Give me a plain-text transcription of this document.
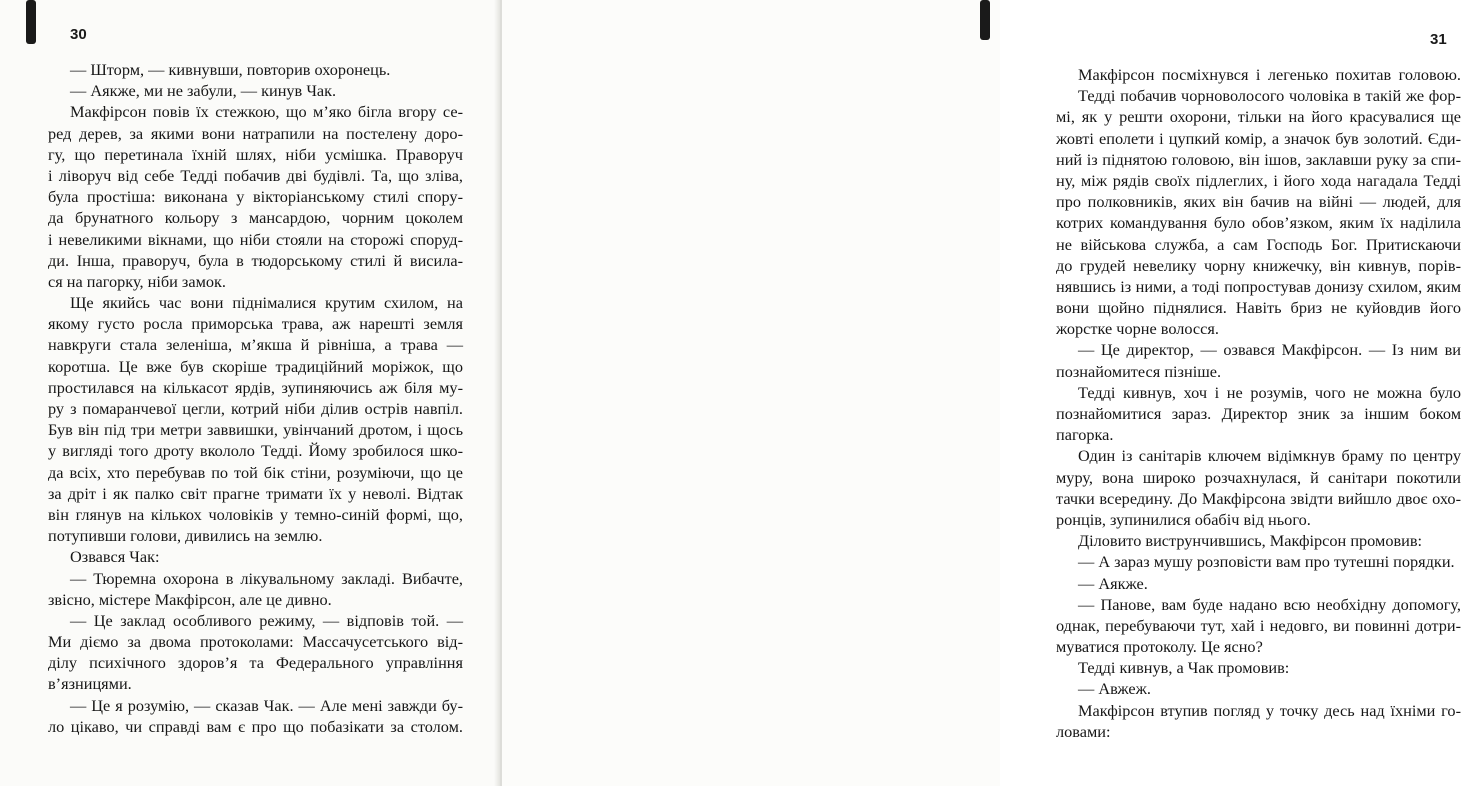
30
— Шторм, — кивнувши, повторив охоронець.
— Аякже, ми не забули, — кинув Чак.
Макфірсон повів їх стежкою, що м’яко бігла вгору се-
ред дерев, за якими вони натрапили на постелену доро-
гу, що перетинала їхній шлях, ніби усмішка. Праворуч
і ліворуч від себе Тедді побачив дві будівлі. Та, що зліва,
була простіша: виконана у вікторіанському стилі спору-
да брунатного кольору з мансардою, чорним цоколем
і невеликими вікнами, що ніби стояли на сторожі споруд-
ди. Інша, праворуч, була в тюдорському стилі й висила-
ся на пагорку, ніби замок.
Ще якийсь час вони піднімалися крутим схилом, на
якому густо росла приморська трава, аж нарешті земля
навкруги стала зеленіша, м’якша й рівніша, а трава —
коротша. Це вже був скоріше традиційний моріжок, що
простилався на кількасот ярдів, зупиняючись аж біля му-
ру з помаранчевої цегли, котрий ніби ділив острів навпіл.
Був він під три метри заввишки, увінчаний дротом, і щось
у вигляді того дроту вкололо Тедді. Йому зробилося шко-
да всіх, хто перебував по той бік стіни, розуміючи, що це
за дріт і як палко світ прагне тримати їх у неволі. Відтак
він глянув на кількох чоловіків у темно-синій формі, що,
потупивши голови, дивились на землю.
Озвався Чак:
— Тюремна охорона в лікувальному закладі. Вибачте,
звісно, містере Макфірсон, але це дивно.
— Це заклад особливого режиму, — відповів той. —
Ми діємо за двома протоколами: Массачусетського від-
ділу психічного здоров’я та Федерального управління
в’язницями.
— Це я розумію, — сказав Чак. — Але мені завжди бу-
ло цікаво, чи справді вам є про що побазікати за столом.
31
Макфірсон посміхнувся і легенько похитав головою.
Тедді побачив чорноволосого чоловіка в такій же фор-
мі, як у решти охорони, тільки на його красувалися ще
жовті еполети і цупкий комір, а значок був золотий. Єди-
ний із піднятою головою, він ішов, заклавши руку за спи-
ну, між рядів своїх підлеглих, і його хода нагадала Тедді
про полковників, яких він бачив на війні — людей, для
котрих командування було обов’язком, яким їх наділила
не військова служба, а сам Господь Бог. Притискаючи
до грудей невелику чорну книжечку, він кивнув, порів-
нявшись із ними, а тоді попростував донизу схилом, яким
вони щойно піднялися. Навіть бриз не куйовдив його
жорстке чорне волосся.
— Це директор, — озвався Макфірсон. — Із ним ви
познайомитеся пізніше.
Тедді кивнув, хоч і не розумів, чого не можна було
познайомитися зараз. Директор зник за іншим боком
пагорка.
Один із санітарів ключем відімкнув браму по центру
муру, вона широко розчахнулася, й санітари покотили
тачки всередину. До Макфірсона звідти вийшло двоє охо-
ронців, зупинилися обабіч від нього.
Діловито виструнчившись, Макфірсон промовив:
— А зараз мушу розповісти вам про тутешні порядки.
— Аякже.
— Панове, вам буде надано всю необхідну допомогу,
однак, перебуваючи тут, хай і недовго, ви повинні дотри-
муватися протоколу. Це ясно?
Тедді кивнув, а Чак промовив:
— Авжеж.
Макфірсон втупив погляд у точку десь над їхніми го-
ловами:
